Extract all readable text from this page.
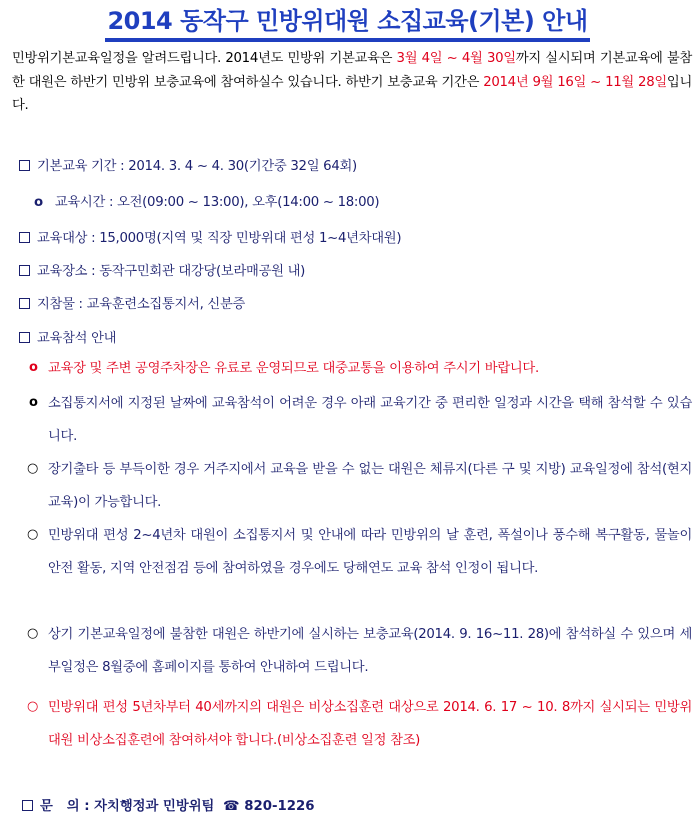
2014 동작구 민방위대원 소집교육(기본) 안내
민방위기본교육일정을 알려드립니다. 2014년도 민방위 기본교육은 3월 4일 ~ 4월 30일까지 실시되며 기본교육에 불참한 대원은 하반기 민방위 보충교육에 참여하실수 있습니다. 하반기 보충교육 기간은 2014년 9월 16일 ~ 11월 28일입니다.
기본교육 기간 : 2014. 3. 4 ~ 4. 30(기간중 32일 64회)
o 교육시간 : 오전(09:00 ~ 13:00), 오후(14:00 ~ 18:00)
교육대상 : 15,000명(지역 및 직장 민방위대 편성 1~4년차대원)
교육장소 : 동작구민회관 대강당(보라매공원 내)
지참물 : 교육훈련소집통지서, 신분증
교육참석 안내
o 교육장 및 주변 공영주차장은 유료로 운영되므로 대중교통을 이용하여 주시기 바랍니다.
o 소집통지서에 지정된 날짜에 교육참석이 어려운 경우 아래 교육기간 중 편리한 일정과 시간을 택해 참석할 수 있습니다.
○ 장기출타 등 부득이한 경우 거주지에서 교육을 받을 수 없는 대원은 체류지(다른 구 및 지방) 교육일정에 참석(현지 교육)이 가능합니다.
○ 민방위대 편성 2~4년차 대원이 소집통지서 및 안내에 따라 민방위의 날 훈련, 폭설이나 풍수해 복구활동, 물놀이 안전 활동, 지역 안전점검 등에 참여하였을 경우에도 당해연도 교육 참석 인정이 됩니다.
○ 상기 기본교육일정에 불참한 대원은 하반기에 실시하는 보충교육(2014. 9. 16~11. 28)에 참석하실 수 있으며 세부일정은 8월중에 홈페이지를 통하여 안내하여 드립니다.
○ 민방위대 편성 5년차부터 40세까지의 대원은 비상소집훈련 대상으로 2014. 6. 17 ~ 10. 8까지 실시되는 민방위대원 비상소집훈련에 참여하셔야 합니다.(비상소집훈련 일정 참조)
문   의 : 자치행정과 민방위팀 ☎ 820-1226
